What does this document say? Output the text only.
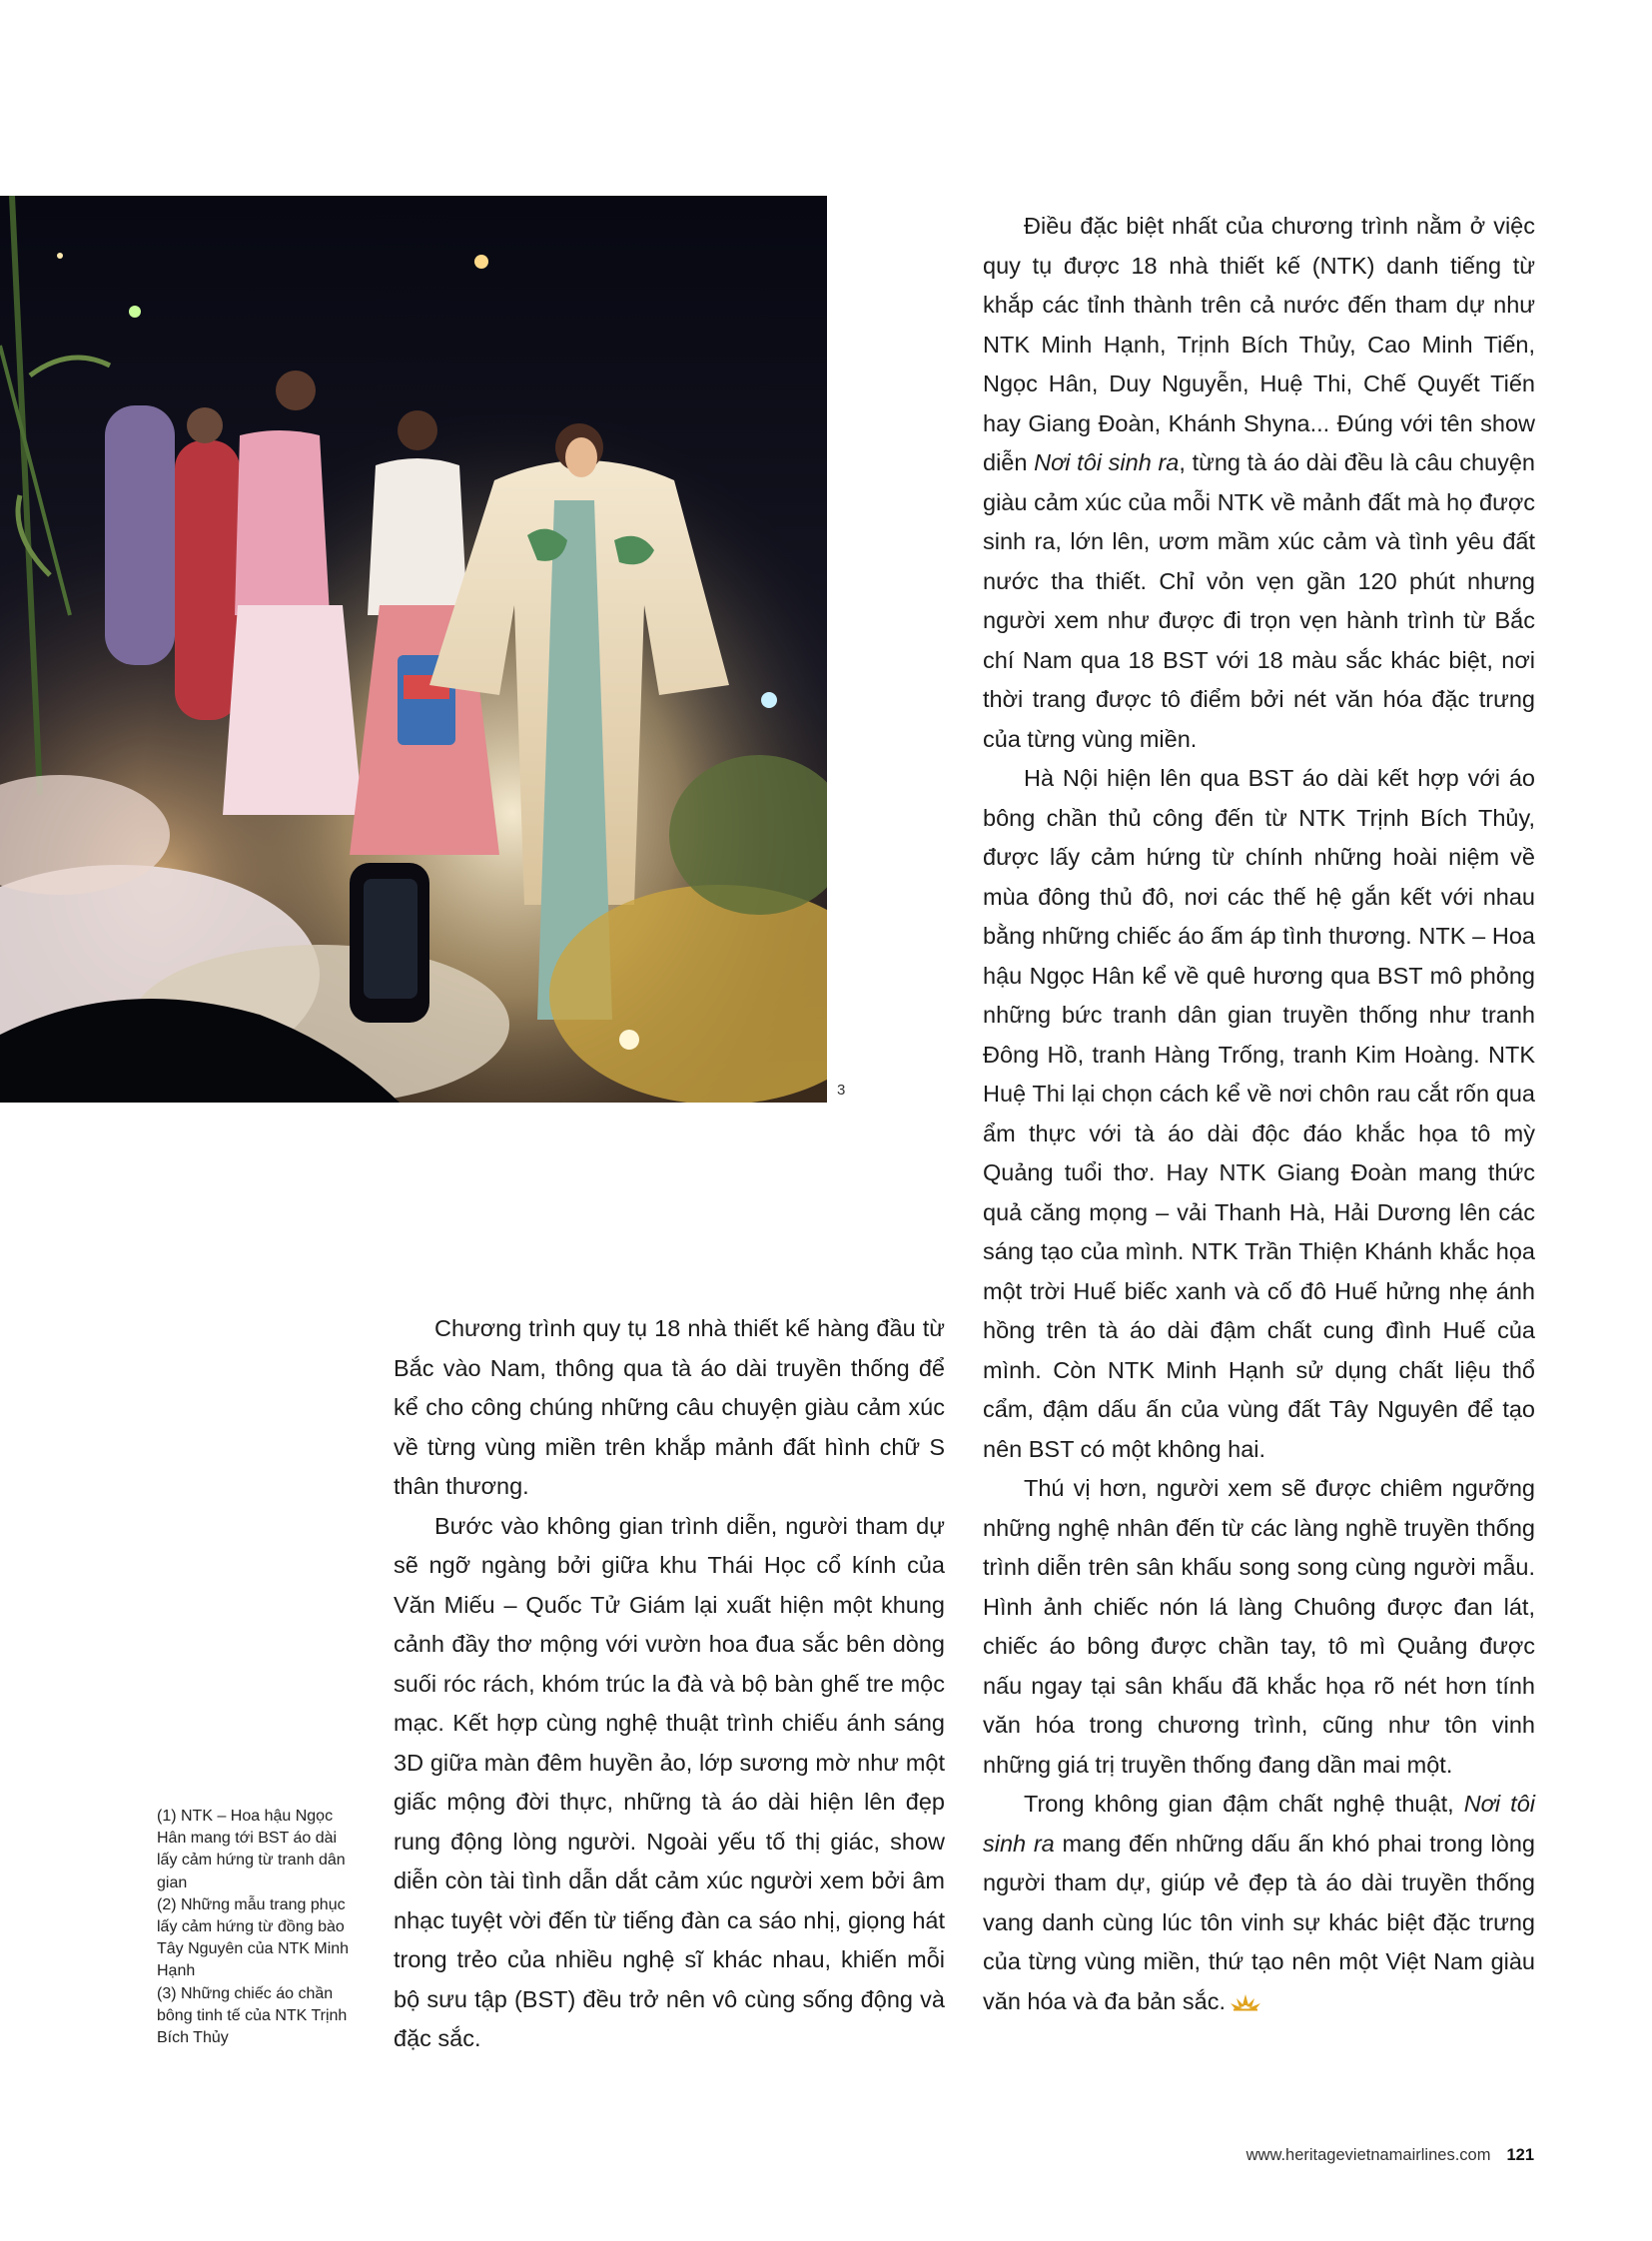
3

Điều đặc biệt nhất của chương trình nằm ở việc quy tụ được 18 nhà thiết kế (NTK) danh tiếng từ khắp các tỉnh thành trên cả nước đến tham dự như NTK Minh Hạnh, Trịnh Bích Thủy, Cao Minh Tiến, Ngọc Hân, Duy Nguyễn, Huệ Thi, Chế Quyết Tiến hay Giang Đoàn, Khánh Shyna... Đúng với tên show diễn Nơi tôi sinh ra, từng tà áo dài đều là câu chuyện giàu cảm xúc của mỗi NTK về mảnh đất mà họ được sinh ra, lớn lên, ươm mầm xúc cảm và tình yêu đất nước tha thiết. Chỉ vỏn vẹn gần 120 phút nhưng người xem như được đi trọn vẹn hành trình từ Bắc chí Nam qua 18 BST với 18 màu sắc khác biệt, nơi thời trang được tô điểm bởi nét văn hóa đặc trưng của từng vùng miền.

Hà Nội hiện lên qua BST áo dài kết hợp với áo bông chần thủ công đến từ NTK Trịnh Bích Thủy, được lấy cảm hứng từ chính những hoài niệm về mùa đông thủ đô, nơi các thế hệ gắn kết với nhau bằng những chiếc áo ấm áp tình thương. NTK – Hoa hậu Ngọc Hân kể về quê hương qua BST mô phỏng những bức tranh dân gian truyền thống như tranh Đông Hồ, tranh Hàng Trống, tranh Kim Hoàng. NTK Huệ Thi lại chọn cách kể về nơi chôn rau cắt rốn qua ẩm thực với tà áo dài độc đáo khắc họa tô mỳ Quảng tuổi thơ. Hay NTK Giang Đoàn mang thức quả căng mọng – vải Thanh Hà, Hải Dương lên các sáng tạo của mình. NTK Trần Thiện Khánh khắc họa một trời Huế biếc xanh và cố đô Huế hửng nhẹ ánh hồng trên tà áo dài đậm chất cung đình Huế của mình. Còn NTK Minh Hạnh sử dụng chất liệu thổ cẩm, đậm dấu ấn của vùng đất Tây Nguyên để tạo nên BST có một không hai.

Thú vị hơn, người xem sẽ được chiêm ngưỡng những nghệ nhân đến từ các làng nghề truyền thống trình diễn trên sân khấu song song cùng người mẫu. Hình ảnh chiếc nón lá làng Chuông được đan lát, chiếc áo bông được chần tay, tô mì Quảng được nấu ngay tại sân khấu đã khắc họa rõ nét hơn tính văn hóa trong chương trình, cũng như tôn vinh những giá trị truyền thống đang dần mai một.

Trong không gian đậm chất nghệ thuật, Nơi tôi sinh ra mang đến những dấu ấn khó phai trong lòng người tham dự, giúp vẻ đẹp tà áo dài truyền thống vang danh cùng lúc tôn vinh sự khác biệt đặc trưng của từng vùng miền, thứ tạo nên một Việt Nam giàu văn hóa và đa bản sắc.

Chương trình quy tụ 18 nhà thiết kế hàng đầu từ Bắc vào Nam, thông qua tà áo dài truyền thống để kể cho công chúng những câu chuyện giàu cảm xúc về từng vùng miền trên khắp mảnh đất hình chữ S thân thương.

Bước vào không gian trình diễn, người tham dự sẽ ngỡ ngàng bởi giữa khu Thái Học cổ kính của Văn Miếu – Quốc Tử Giám lại xuất hiện một khung cảnh đầy thơ mộng với vườn hoa đua sắc bên dòng suối róc rách, khóm trúc la đà và bộ bàn ghế tre mộc mạc. Kết hợp cùng nghệ thuật trình chiếu ánh sáng 3D giữa màn đêm huyền ảo, lớp sương mờ như một giấc mộng đời thực, những tà áo dài hiện lên đẹp rung động lòng người. Ngoài yếu tố thị giác, show diễn còn tài tình dẫn dắt cảm xúc người xem bởi âm nhạc tuyệt vời đến từ tiếng đàn ca sáo nhị, giọng hát trong trẻo của nhiều nghệ sĩ khác nhau, khiến mỗi bộ sưu tập (BST) đều trở nên vô cùng sống động và đặc sắc.

(1) NTK – Hoa hậu Ngọc Hân mang tới BST áo dài lấy cảm hứng từ tranh dân gian
(2) Những mẫu trang phục lấy cảm hứng từ đồng bào Tây Nguyên của NTK Minh Hạnh
(3) Những chiếc áo chần bông tinh tế của NTK Trịnh Bích Thủy
www.heritagevietnamairlines.com 121
